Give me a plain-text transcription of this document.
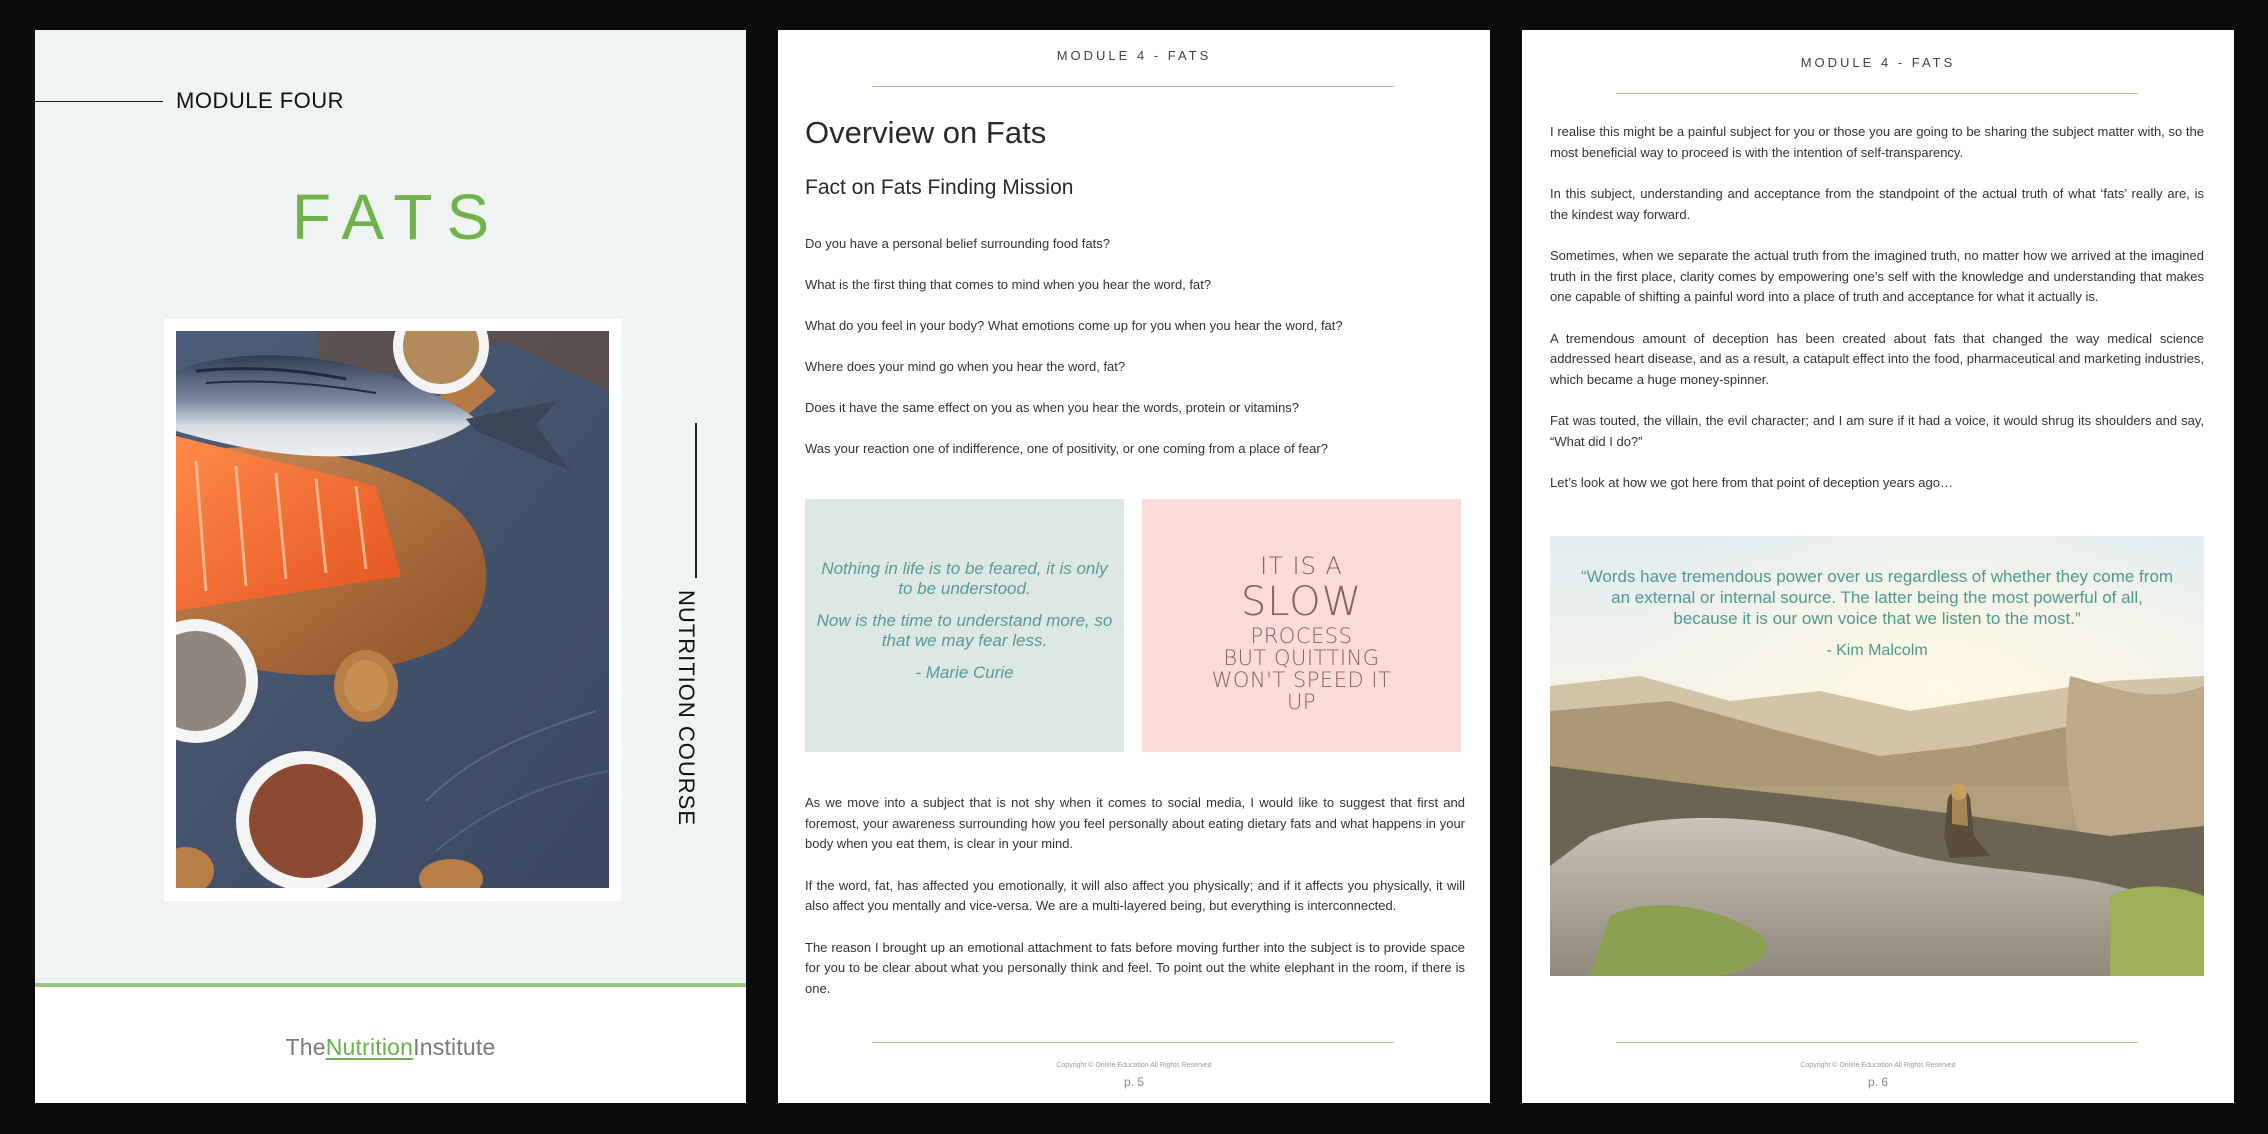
MODULE FOUR
FATS
NUTRITION COURSE
TheNutritionInstitute
MODULE 4 - FATS
Overview on Fats
Fact on Fats Finding Mission
Do you have a personal belief surrounding food fats?
What is the first thing that comes to mind when you hear the word, fat?
What do you feel in your body? What emotions come up for you when you hear the word, fat?
Where does your mind go when you hear the word, fat?
Does it have the same effect on you as when you hear the words, protein or vitamins?
Was your reaction one of indifference, one of positivity, or one coming from a place of fear?

Nothing in life is to be feared, it is only to be understood.

Now is the time to understand more, so that we may fear less.

- Marie Curie

IT IS A
SLOW
PROCESS
BUT QUITTING
WON'T SPEED IT
UP

As we move into a subject that is not shy when it comes to social media, I would like to suggest that first and foremost, your awareness surrounding how you feel personally about eating dietary fats and what happens in your body when you eat them, is clear in your mind.

If the word, fat, has affected you emotionally, it will also affect you physically; and if it affects you physically, it will also affect you mentally and vice-versa. We are a multi-layered being, but everything is interconnected.

The reason I brought up an emotional attachment to fats before moving further into the subject is to provide space for you to be clear about what you personally think and feel. To point out the white elephant in the room, if there is one.

Copyright © Online Education All Rights Reserved
p. 5
MODULE 4 - FATS

I realise this might be a painful subject for you or those you are going to be sharing the subject matter with, so the most beneficial way to proceed is with the intention of self-transparency.

In this subject, understanding and acceptance from the standpoint of the actual truth of what ‘fats’ really are, is the kindest way forward.

Sometimes, when we separate the actual truth from the imagined truth, no matter how we arrived at the imagined truth in the first place, clarity comes by empowering one’s self with the knowledge and understanding that makes one capable of shifting a painful word into a place of truth and acceptance for what it actually is.

A tremendous amount of deception has been created about fats that changed the way medical science addressed heart disease, and as a result, a catapult effect into the food, pharmaceutical and marketing industries, which became a huge money-spinner.

Fat was touted, the villain, the evil character; and I am sure if it had a voice, it would shrug its shoulders and say, “What did I do?”

Let’s look at how we got here from that point of deception years ago…

“Words have tremendous power over us regardless of whether they come from an external or internal source. The latter being the most powerful of all, because it is our own voice that we listen to the most.”
- Kim Malcolm
Copyright © Online Education All Rights Reserved
p. 6
